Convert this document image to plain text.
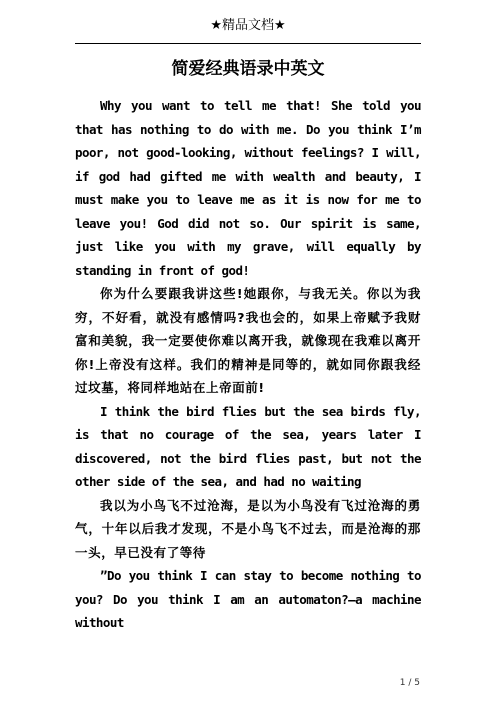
★精品文档★
简爱经典语录中英文

Why you want to tell me that! She told you that has nothing to do with me. Do you think I’m poor, not good-looking, without feelings? I will, if god had gifted me with wealth and beauty, I must make you to leave me as it is now for me to leave you! God did not so. Our spirit is same, just like you with my grave, will equally by standing in front of god!

你为什么要跟我讲这些!她跟你，与我无关。你以为我穷，不好看，就没有感情吗?我也会的，如果上帝赋予我财富和美貌，我一定要使你难以离开我，就像现在我难以离开你!上帝没有这样。我们的精神是同等的，就如同你跟我经过坟墓，将同样地站在上帝面前!

I think the bird flies but the sea birds fly, is that no courage of the sea, years later I discovered, not the bird flies past, but not the other side of the sea, and had no waiting

我以为小鸟飞不过沧海，是以为小鸟没有飞过沧海的勇气，十年以后我才发现，不是小鸟飞不过去，而是沧海的那一头，早已没有了等待

”Do you think I can stay to become nothing to you? Do you think I am an automaton?—a machine without

1 / 5
